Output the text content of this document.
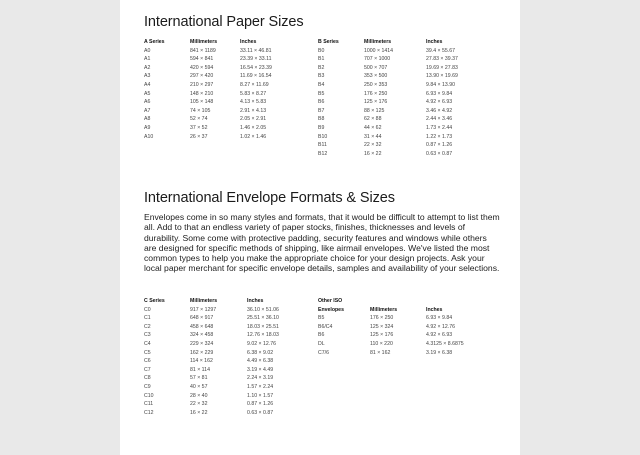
International Paper Sizes
A Series	Millimeters	Inches
A0	841 × 1189	33.11 × 46.81
A1	594 × 841	23.39 × 33.11
A2	420 × 594	16.54 × 23.39
A3	297 × 420	11.69 × 16.54
A4	210 × 297	8.27 × 11.69
A5	148 × 210	5.83 × 8.27
A6	105 × 148	4.13 × 5.83
A7	74 × 105	2.91 × 4.13
A8	52 × 74	2.05 × 2.91
A9	37 × 52	1.46 × 2.05
A10	26 × 37	1.02 × 1.46
B Series	Millimeters	Inches
B0	1000 × 1414	39.4 × 55.67
B1	707 × 1000	27.83 × 39.37
B2	500 × 707	19.69 × 27.83
B3	353 × 500	13.90 × 19.69
B4	250 × 353	9.84 × 13.90
B5	176 × 250	6.93 × 9.84
B6	125 × 176	4.92 × 6.93
B7	88 × 125	3.46 × 4.92
B8	62 × 88	2.44 × 3.46
B9	44 × 62	1.73 × 2.44
B10	31 × 44	1.22 × 1.73
B11	22 × 32	0.87 × 1.26
B12	16 × 22	0.63 × 0.87
International Envelope Formats & Sizes

Envelopes come in so many styles and formats, that it would be difficult to attempt to list them all. Add to that an endless variety of paper stocks, finishes, thicknesses and levels of durability. Some come with protective padding, security features and windows while others are designed for specific methods of shipping, like airmail envelopes. We've listed the most common types to help you make the appropriate choice for your design projects. Ask your local paper merchant for specific envelope details, samples and availability of your selections.

C Series	Millimeters	Inches
C0	917 × 1297	36.10 × 51.06
C1	648 × 917	25.51 × 36.10
C2	458 × 648	18.03 × 25.51
C3	324 × 458	12.76 × 18.03
C4	229 × 324	9.02 × 12.76
C5	162 × 229	6.38 × 9.02
C6	114 × 162	4.49 × 6.38
C7	81 × 114	3.19 × 4.49
C8	57 × 81	2.24 × 3.19
C9	40 × 57	1.57 × 2.24
C10	28 × 40	1.10 × 1.57
C11	22 × 32	0.87 × 1.26
C12	16 × 22	0.63 × 0.87
Other ISO
Envelopes	Millimeters	Inches
B5	176 × 250	6.93 × 9.84
B6/C4	125 × 324	4.92 × 12.76
B6	125 × 176	4.92 × 6.93
DL	110 × 220	4.3125 × 8.6875
C7/6	81 × 162	3.19 × 6.38
